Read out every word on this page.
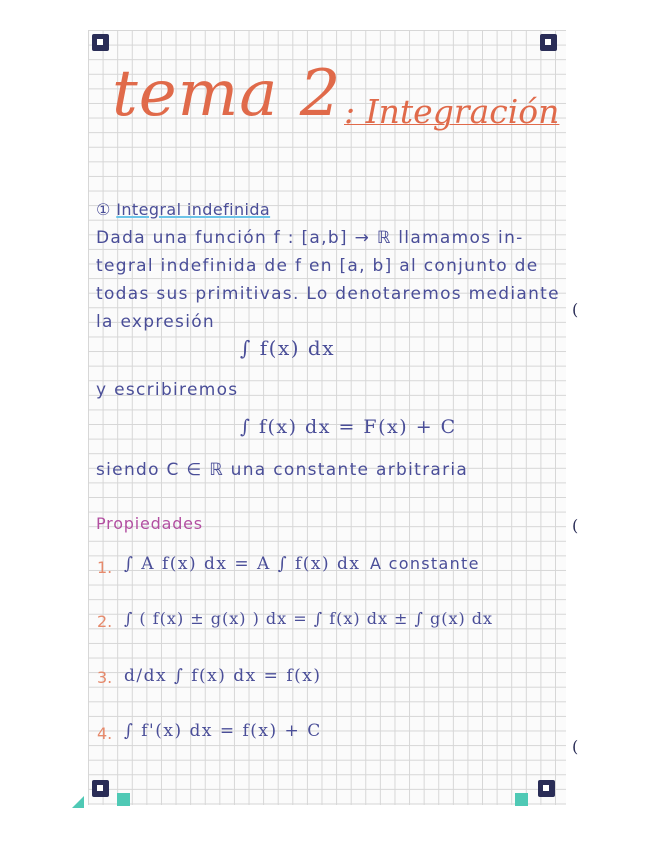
(
(
(
tema 2 : Integración
① Integral indefinida
Dada una función f : [a,b] → ℝ llamamos in-
tegral indefinida de f en [a, b] al conjunto de
todas sus primitivas. Lo denotaremos mediante
la expresión
∫ f(x) dx
y escribiremos
∫ f(x) dx = F(x) + C
siendo C ∈ ℝ una constante arbitraria
Propiedades
1. ∫ A f(x) dx = A ∫ f(x) dx A constante
2. ∫ ( f(x) ± g(x) ) dx = ∫ f(x) dx ± ∫ g(x) dx
3. d/dx ∫ f(x) dx = f(x)
4. ∫ f'(x) dx = f(x) + C
